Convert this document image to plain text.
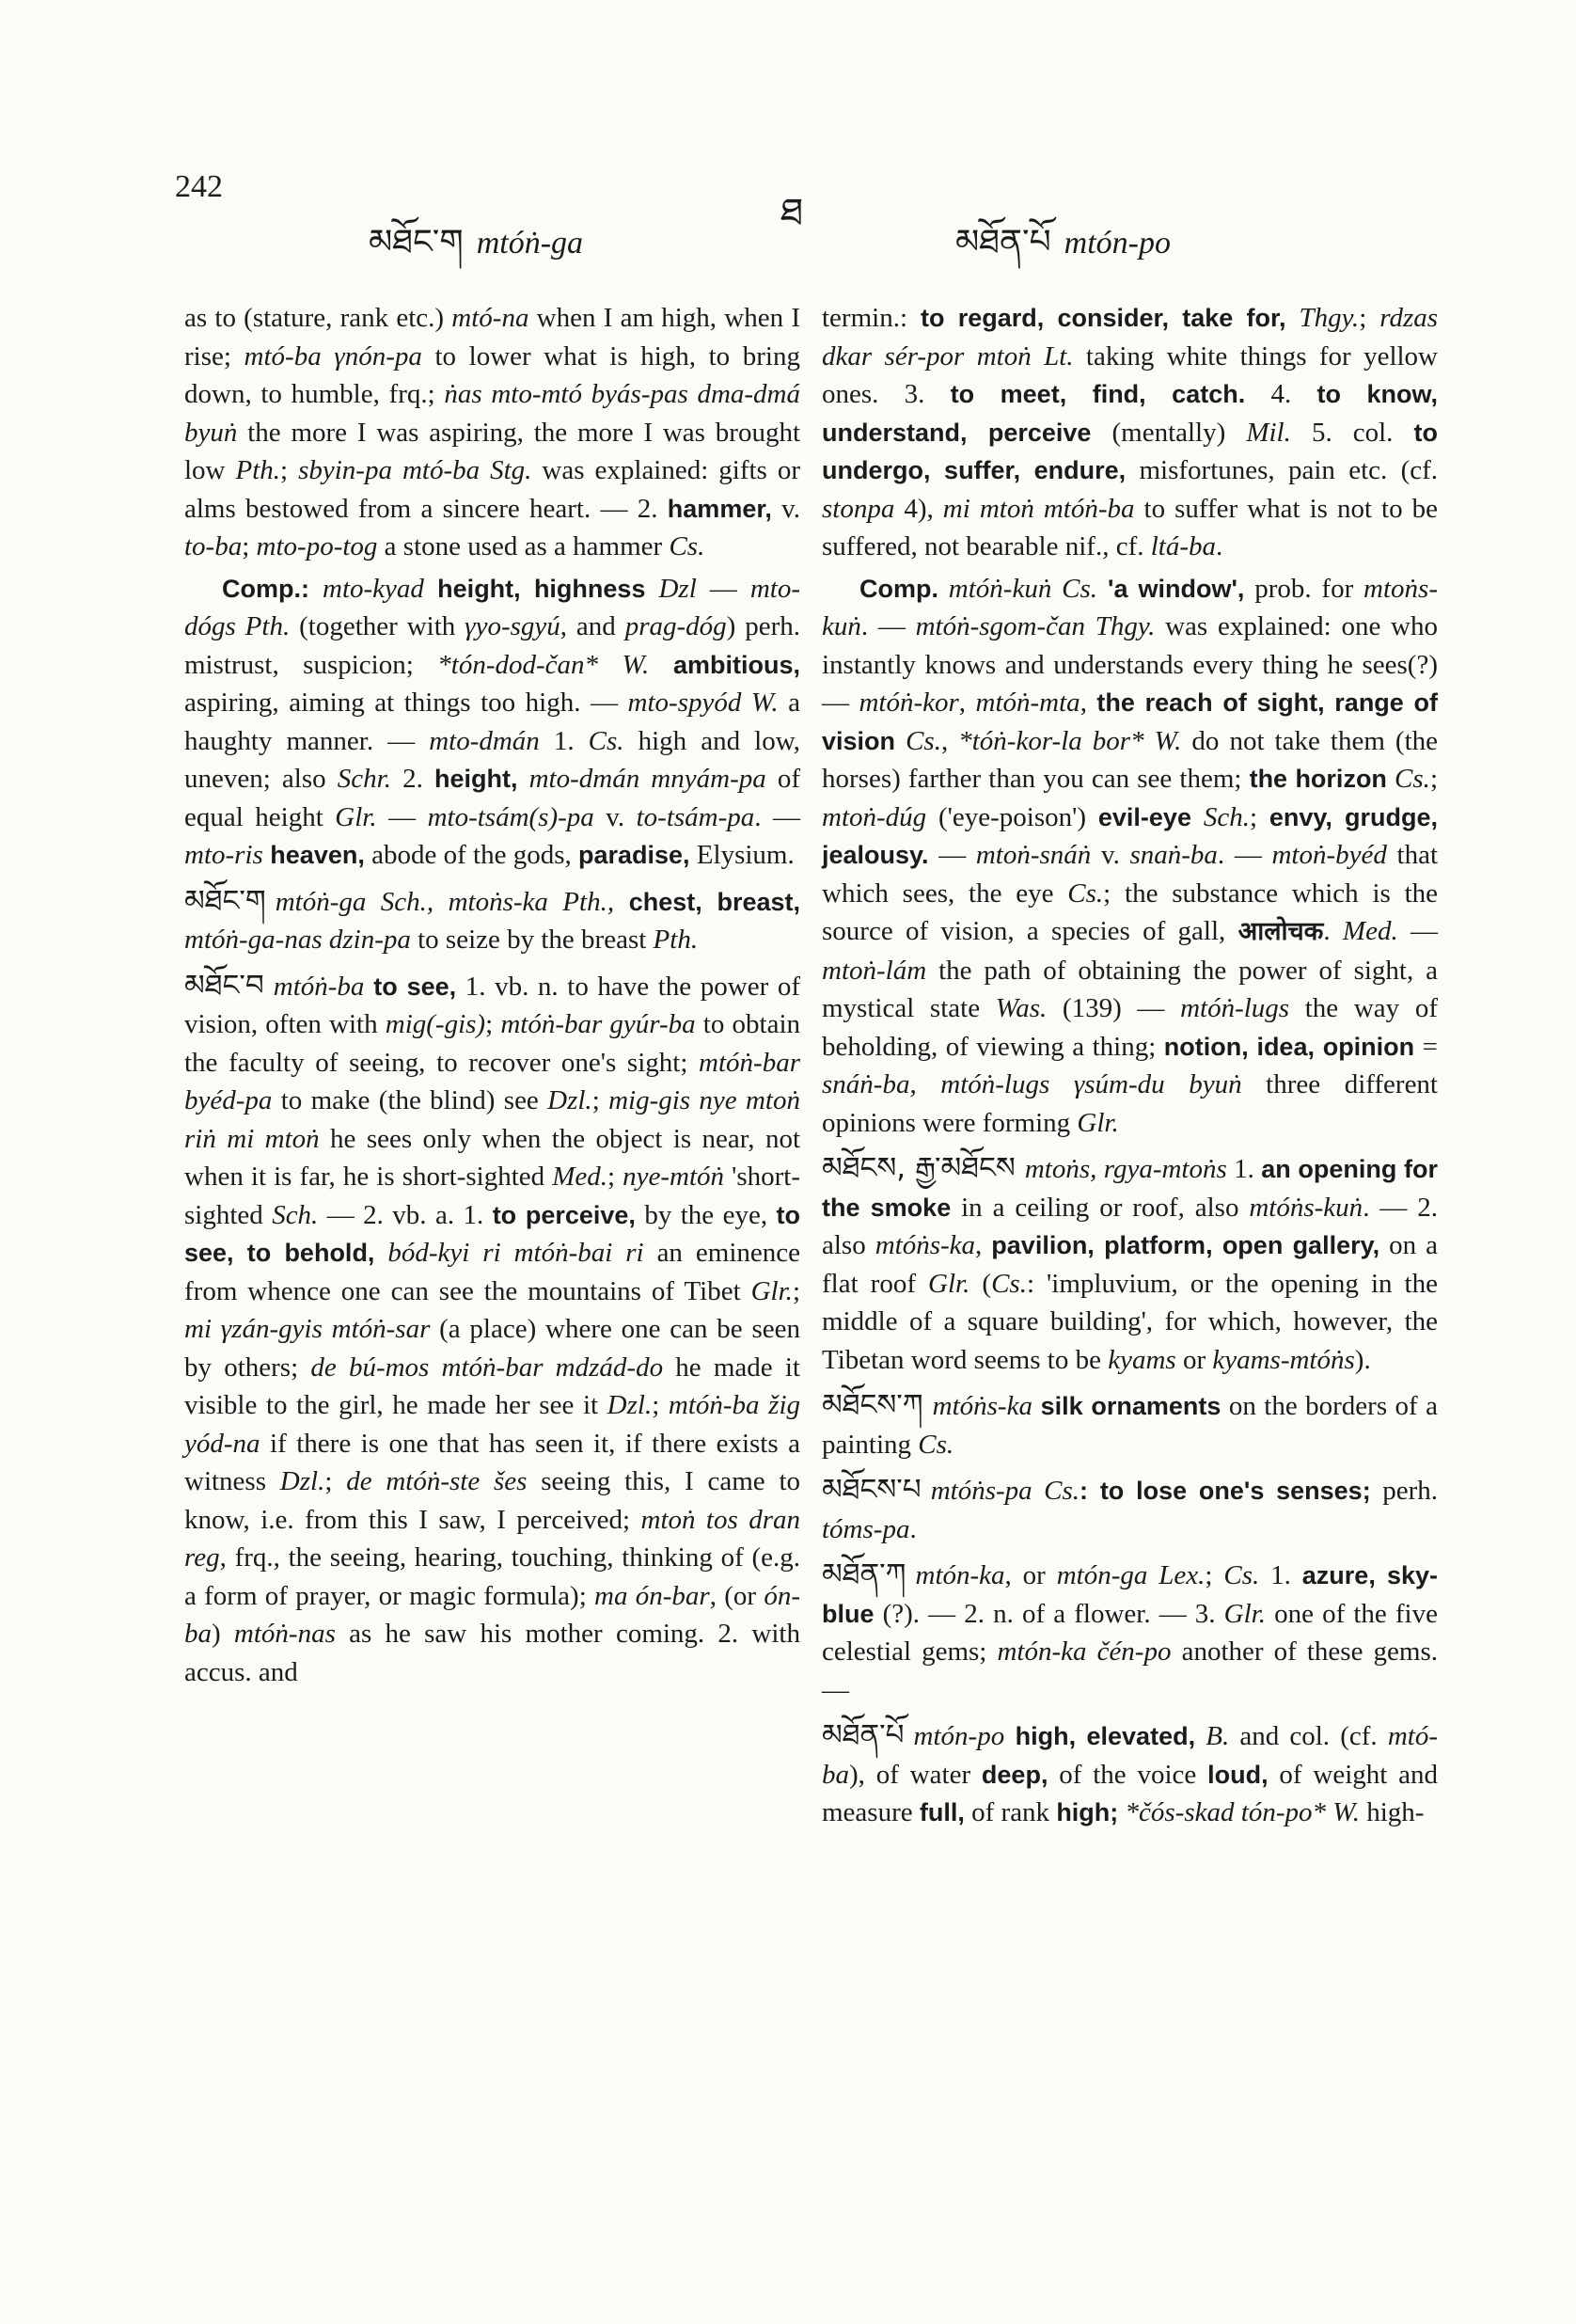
242
མཐོང་ག mtóṅ-ga
ཐ
མཐོན་པོ mtón-po

as to (stature, rank etc.) mtó-na when I am high, when I rise; mtó-ba γnón-pa to lower what is high, to bring down, to humble, frq.; ṅas mto-mtó byás-pas dma-dmá byuṅ the more I was aspiring, the more I was brought low Pth.; sbyin-pa mtó-ba Stg. was explained: gifts or alms bestowed from a sincere heart. — 2. hammer, v. to-ba; mto-po-tog a stone used as a hammer Cs.

Comp.: mto-kyad height, highness Dzl — mto-dógs Pth. (together with γyo-sgyú, and prag-dóg) perh. mistrust, suspicion; *tón-dod-čan* W. ambitious, aspiring, aiming at things too high. — mto-spyód W. a haughty manner. — mto-dmán 1. Cs. high and low, uneven; also Schr. 2. height, mto-dmán mnyám-pa of equal height Glr. — mto-tsám(s)-pa v. to-tsám-pa. — mto-ris heaven, abode of the gods, paradise, Elysium.

མཐོང་ག mtóṅ-ga Sch., mtoṅs-ka Pth., chest, breast, mtóṅ-ga-nas dzin-pa to seize by the breast Pth.

མཐོང་བ mtóṅ-ba to see, 1. vb. n. to have the power of vision, often with mig(-gis); mtóṅ-bar gyúr-ba to obtain the faculty of seeing, to recover one's sight; mtóṅ-bar byéd-pa to make (the blind) see Dzl.; mig-gis nye mtoṅ riṅ mi mtoṅ he sees only when the object is near, not when it is far, he is short-sighted Med.; nye-mtóṅ 'short-sighted Sch. — 2. vb. a. 1. to perceive, by the eye, to see, to behold, bód-kyi ri mtóṅ-bai ri an eminence from whence one can see the mountains of Tibet Glr.; mi γzán-gyis mtóṅ-sar (a place) where one can be seen by others; de bú-mos mtóṅ-bar mdzád-do he made it visible to the girl, he made her see it Dzl.; mtóṅ-ba žig yód-na if there is one that has seen it, if there exists a witness Dzl.; de mtóṅ-ste šes seeing this, I came to know, i.e. from this I saw, I perceived; mtoṅ tos dran reg, frq., the seeing, hearing, touching, thinking of (e.g. a form of prayer, or magic formula); ma ón-bar, (or ón-ba) mtóṅ-nas as he saw his mother coming. 2. with accus. and

termin.: to regard, consider, take for, Thgy.; rdzas dkar sér-por mtoṅ Lt. taking white things for yellow ones. 3. to meet, find, catch. 4. to know, understand, perceive (mentally) Mil. 5. col. to undergo, suffer, endure, misfortunes, pain etc. (cf. stonpa 4), mi mtoṅ mtóṅ-ba to suffer what is not to be suffered, not bearable nif., cf. ltá-ba.

Comp. mtóṅ-kuṅ Cs. 'a window', prob. for mtoṅs-kuṅ. — mtóṅ-sgom-čan Thgy. was explained: one who instantly knows and understands every thing he sees(?) — mtóṅ-kor, mtóṅ-mta, the reach of sight, range of vision Cs., *tóṅ-kor-la bor* W. do not take them (the horses) farther than you can see them; the horizon Cs.; mtoṅ-dúg ('eye-poison') evil-eye Sch.; envy, grudge, jealousy. — mtoṅ-snáṅ v. snaṅ-ba. — mtoṅ-byéd that which sees, the eye Cs.; the substance which is the source of vision, a species of gall, आलोचक. Med. — mtoṅ-lám the path of obtaining the power of sight, a mystical state Was. (139) — mtóṅ-lugs the way of beholding, of viewing a thing; notion, idea, opinion = snáṅ-ba, mtóṅ-lugs γsúm-du byuṅ three different opinions were forming Glr.

མཐོངས, རྒྱ་མཐོངས mtoṅs, rgya-mtoṅs 1. an opening for the smoke in a ceiling or roof, also mtóṅs-kuṅ. — 2. also mtóṅs-ka, pavilion, platform, open gallery, on a flat roof Glr. (Cs.: 'impluvium, or the opening in the middle of a square building', for which, however, the Tibetan word seems to be kyams or kyams-mtóṅs).

མཐོངས་ཀ mtóṅs-ka silk ornaments on the borders of a painting Cs.

མཐོངས་པ mtóṅs-pa Cs.: to lose one's senses; perh. tóms-pa.

མཐོན་ཀ mtón-ka, or mtón-ga Lex.; Cs. 1. azure, sky-blue (?). — 2. n. of a flower. — 3. Glr. one of the five celestial gems; mtón-ka čén-po another of these gems. —

མཐོན་པོ mtón-po high, elevated, B. and col. (cf. mtó-ba), of water deep, of the voice loud, of weight and measure full, of rank high; *čós-skad tón-po* W. high-
